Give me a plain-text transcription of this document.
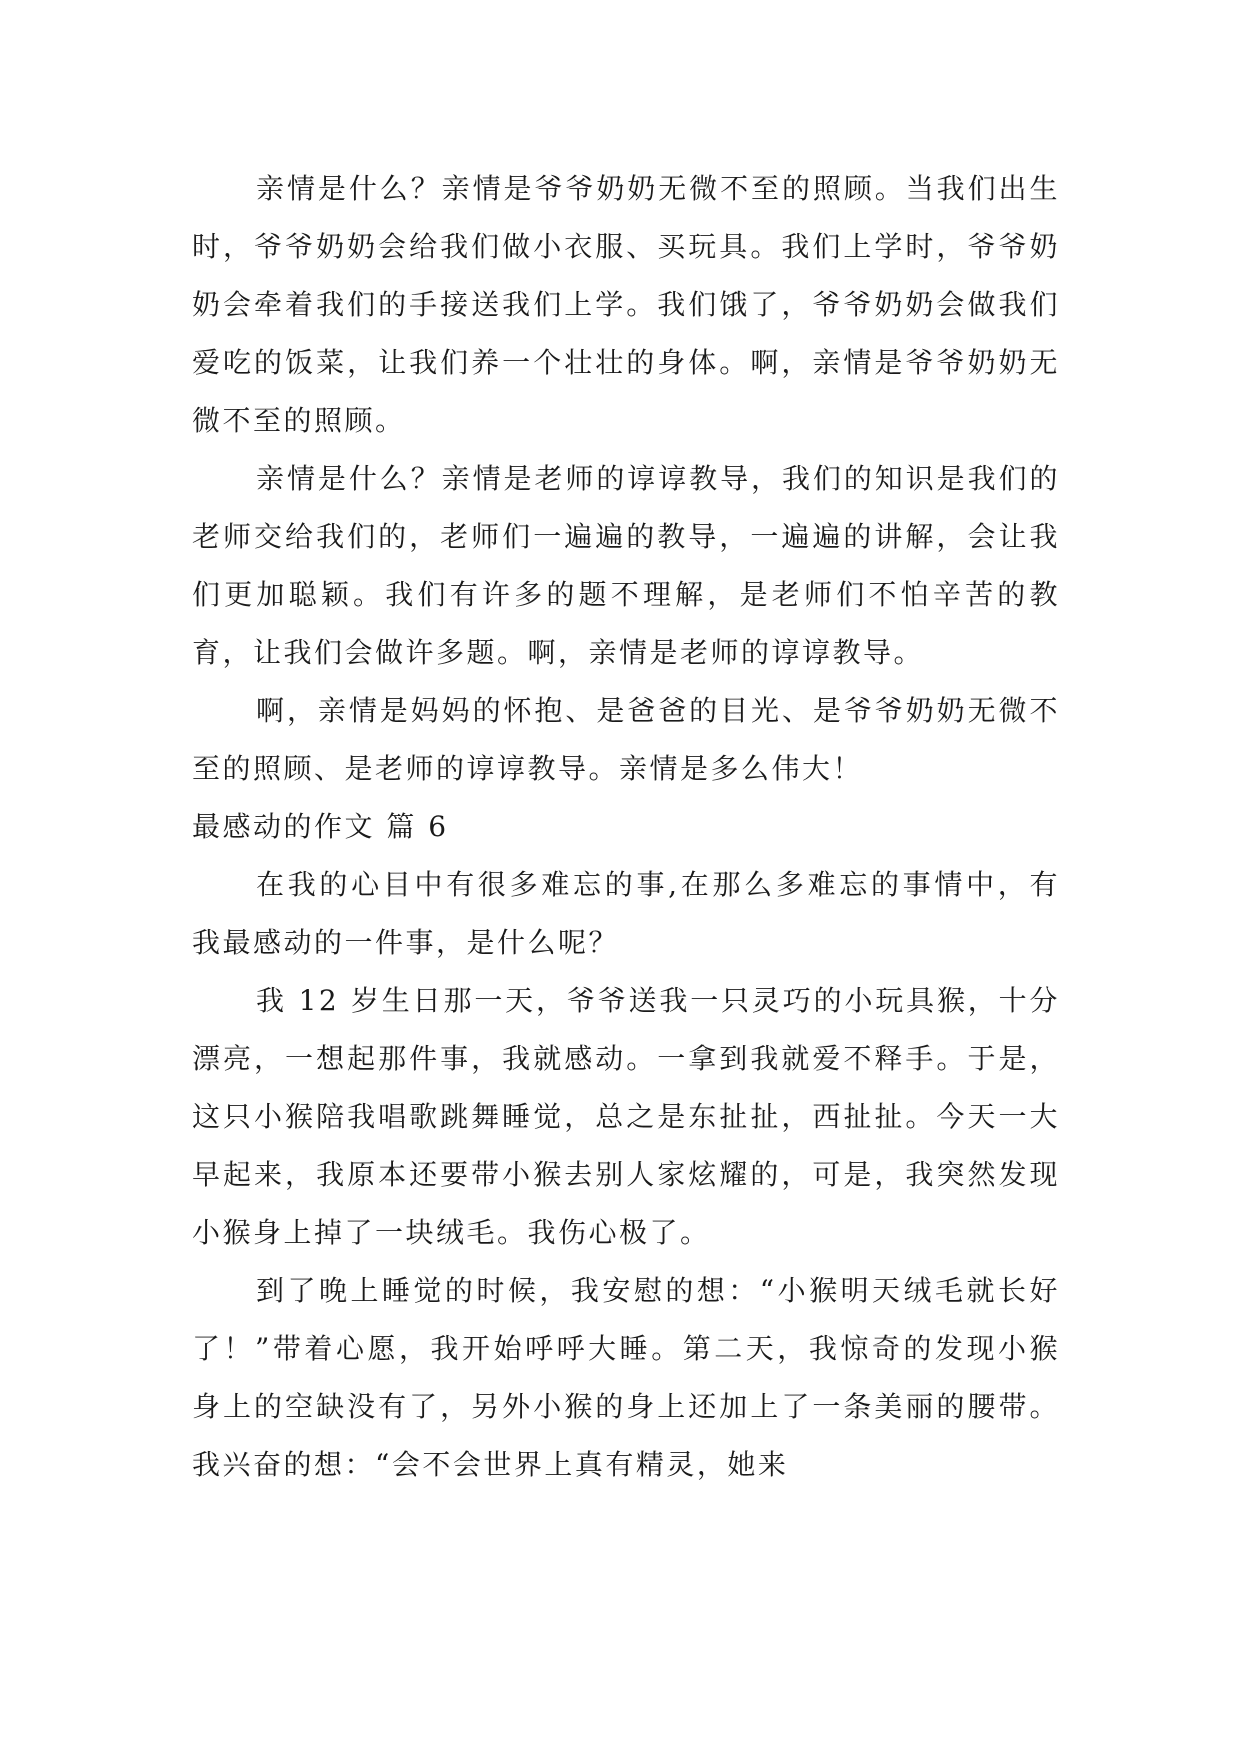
亲情是什么？亲情是爷爷奶奶无微不至的照顾。当我们出生时，爷爷奶奶会给我们做小衣服、买玩具。我们上学时，爷爷奶奶会牵着我们的手接送我们上学。我们饿了，爷爷奶奶会做我们爱吃的饭菜，让我们养一个壮壮的身体。啊，亲情是爷爷奶奶无微不至的照顾。

亲情是什么？亲情是老师的谆谆教导，我们的知识是我们的老师交给我们的，老师们一遍遍的教导，一遍遍的讲解，会让我们更加聪颖。我们有许多的题不理解，是老师们不怕辛苦的教育，让我们会做许多题。啊，亲情是老师的谆谆教导。

啊，亲情是妈妈的怀抱、是爸爸的目光、是爷爷奶奶无微不至的照顾、是老师的谆谆教导。亲情是多么伟大！

最感动的作文 篇 6

在我的心目中有很多难忘的事,在那么多难忘的事情中，有我最感动的一件事，是什么呢？

我 12 岁生日那一天，爷爷送我一只灵巧的小玩具猴，十分漂亮，一想起那件事，我就感动。一拿到我就爱不释手。于是，这只小猴陪我唱歌跳舞睡觉，总之是东扯扯，西扯扯。今天一大早起来，我原本还要带小猴去别人家炫耀的，可是，我突然发现小猴身上掉了一块绒毛。我伤心极了。

到了晚上睡觉的时候，我安慰的想：“小猴明天绒毛就长好了！”带着心愿，我开始呼呼大睡。第二天，我惊奇的发现小猴身上的空缺没有了，另外小猴的身上还加上了一条美丽的腰带。我兴奋的想：“会不会世界上真有精灵，她来
